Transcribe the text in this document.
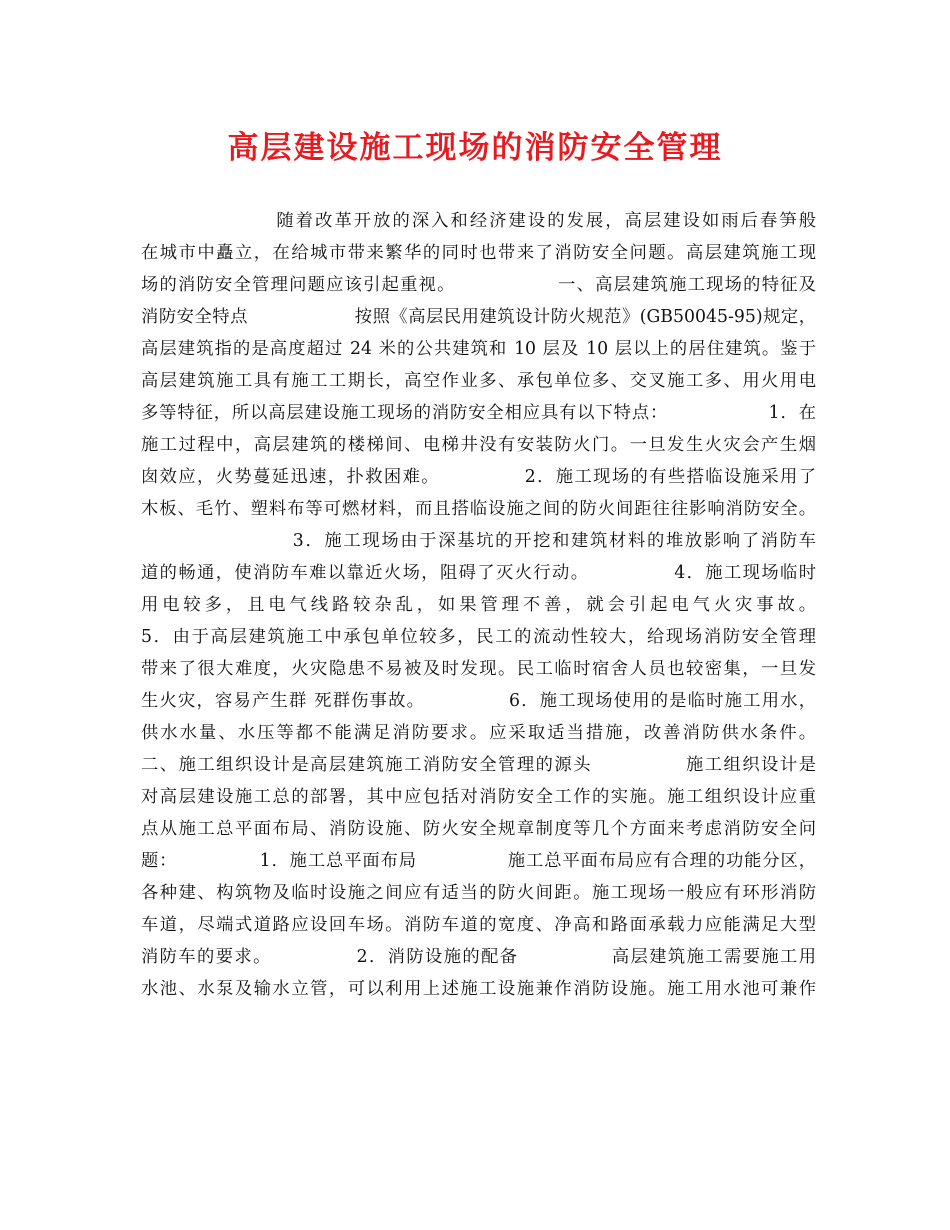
高层建设施工现场的消防安全管理
　　　　　　　随着改革开放的深入和经济建设的发展，高层建设如雨后春笋般
在城市中矗立，在给城市带来繁华的同时也带来了消防安全问题。高层建筑施工现
场的消防安全管理问题应该引起重视。　　　　　　一、高层建筑施工现场的特征及
消防安全特点　　　　　　按照《高层民用建筑设计防火规范》(GB50045-95)规定，
高层建筑指的是高度超过 24 米的公共建筑和 10 层及 10 层以上的居住建筑。鉴于
高层建筑施工具有施工工期长，高空作业多、承包单位多、交叉施工多、用火用电
多等特征，所以高层建设施工现场的消防安全相应具有以下特点：　　　　　　1．在
施工过程中，高层建筑的楼梯间、电梯井没有安装防火门。一旦发生火灾会产生烟
囱效应，火势蔓延迅速，扑救困难。　　　　　2．施工现场的有些搭临设施采用了
木板、毛竹、塑料布等可燃材料，而且搭临设施之间的防火间距往往影响消防安全。
　　　　　　　　3．施工现场由于深基坑的开挖和建筑材料的堆放影响了消防车
道的畅通，使消防车难以靠近火场，阻碍了灭火行动。　　　　　4．施工现场临时
用电较多，且电气线路较杂乱，如果管理不善，就会引起电气火灾事故。
5．由于高层建筑施工中承包单位较多，民工的流动性较大，给现场消防安全管理
带来了很大难度，火灾隐患不易被及时发现。民工临时宿舍人员也较密集，一旦发
生火灾，容易产生群 死群伤事故。　　　　　6．施工现场使用的是临时施工用水，
供水水量、水压等都不能满足消防要求。应采取适当措施，改善消防供水条件。
二、施工组织设计是高层建筑施工消防安全管理的源头　　　　　施工组织设计是
对高层建设施工总的部署，其中应包括对消防安全工作的实施。施工组织设计应重
点从施工总平面布局、消防设施、防火安全规章制度等几个方面来考虑消防安全问
题：　　　　　1．施工总平面布局　　　　　施工总平面布局应有合理的功能分区，
各种建、构筑物及临时设施之间应有适当的防火间距。施工现场一般应有环形消防
车道，尽端式道路应设回车场。消防车道的宽度、净高和路面承载力应能满足大型
消防车的要求。　　　　　2．消防设施的配备　　　　　高层建筑施工需要施工用
水池、水泵及输水立管，可以利用上述施工设施兼作消防设施。施工用水池可兼作
